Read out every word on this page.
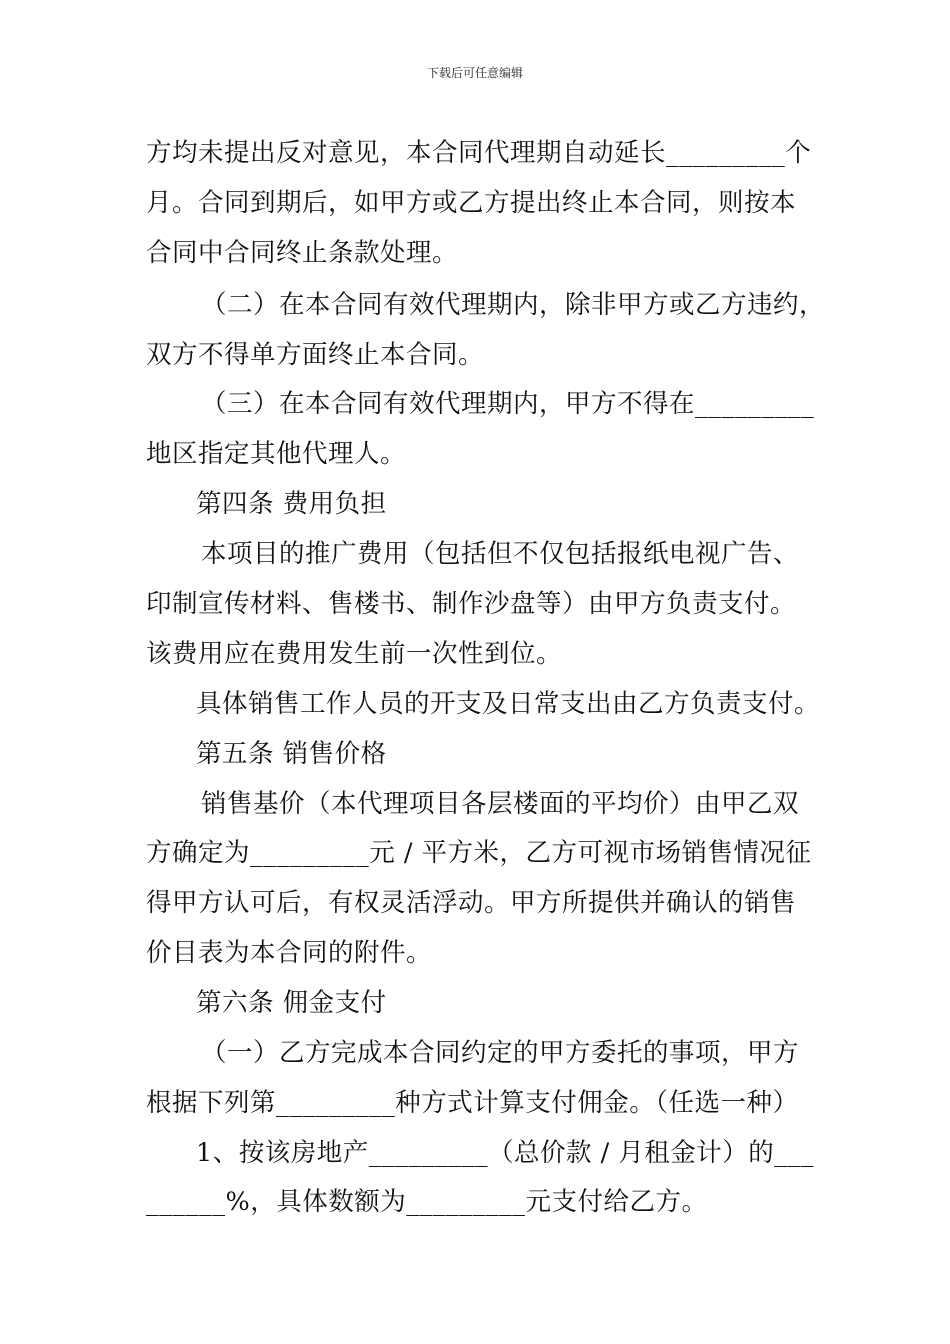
下载后可任意编辑
方均未提出反对意见，本合同代理期自动延长_________个
月。合同到期后，如甲方或乙方提出终止本合同，则按本
合同中合同终止条款处理。
（二）在本合同有效代理期内，除非甲方或乙方违约，
双方不得单方面终止本合同。
（三）在本合同有效代理期内，甲方不得在_________
地区指定其他代理人。
第四条 费用负担
本项目的推广费用（包括但不仅包括报纸电视广告、
印制宣传材料、售楼书、制作沙盘等）由甲方负责支付。
该费用应在费用发生前一次性到位。
具体销售工作人员的开支及日常支出由乙方负责支付。
第五条 销售价格
销售基价（本代理项目各层楼面的平均价）由甲乙双
方确定为_________元 / 平方米，乙方可视市场销售情况征
得甲方认可后，有权灵活浮动。甲方所提供并确认的销售
价目表为本合同的附件。
第六条 佣金支付
（一）乙方完成本合同约定的甲方委托的事项，甲方
根据下列第_________种方式计算支付佣金。（任选一种）
1、按该房地产_________（总价款 / 月租金计）的___
______%，具体数额为_________元支付给乙方。
